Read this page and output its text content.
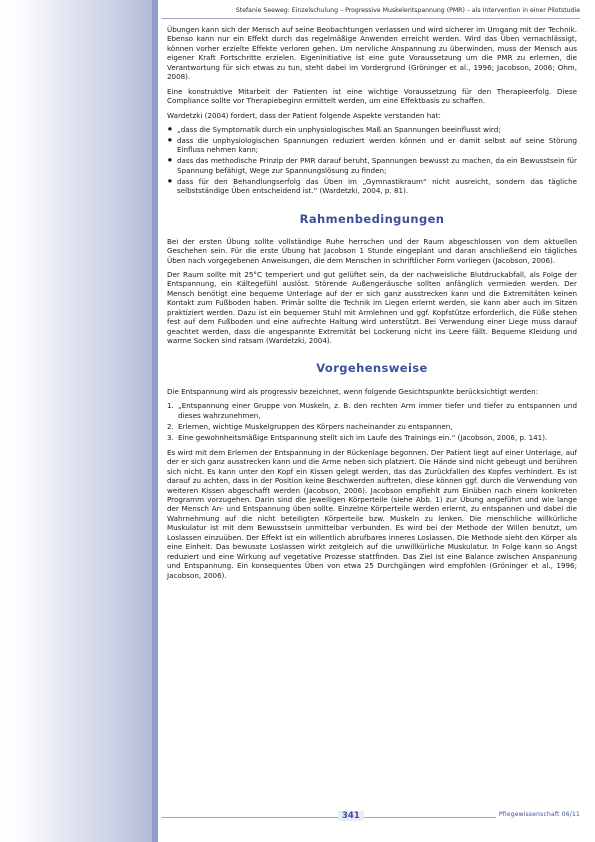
Stefanie Seeweg: Einzelschulung – Progressive Muskelentspannung (PMR) – als Intervention in einer Pilotstudie

Übungen kann sich der Mensch auf seine Beobachtungen verlassen und wird sicherer im Umgang mit der Technik. Ebenso kann nur ein Effekt durch das regelmäßige Anwenden erreicht werden. Wird das Üben vernachlässigt, können vorher erzielte Effekte verloren gehen. Um nervliche Anspannung zu überwinden, muss der Mensch aus eigener Kraft Fortschritte erzielen. Eigeninitiative ist eine gute Voraussetzung um die PMR zu erlernen, die Verantwortung für sich etwas zu tun, steht dabei im Vordergrund (Gröninger et al., 1996; Jacobson, 2006; Ohm, 2008).

Eine konstruktive Mitarbeit der Patienten ist eine wichtige Voraussetzung für den Therapieerfolg. Diese Compliance sollte vor Therapiebeginn ermittelt werden, um eine Effektbasis zu schaffen.

Wardetzki (2004) fordert, dass der Patient folgende Aspekte verstanden hat:

● „dass die Symptomatik durch ein unphysiologisches Maß an Spannungen beeinflusst wird;
● dass die unphysiologischen Spannungen reduziert werden können und er damit selbst auf seine Störung Einfluss nehmen kann;
● dass das methodische Prinzip der PMR darauf beruht, Spannungen bewusst zu machen, da ein Bewusstsein für Spannung befähigt, Wege zur Spannungslösung zu finden;
● dass für den Behandlungserfolg das Üben im „Gymnastikraum“ nicht ausreicht, sondern das tägliche selbstständige Üben entscheidend ist.“ (Wardetzki, 2004, p. 81).
Rahmenbedingungen

Bei der ersten Übung sollte vollständige Ruhe herrschen und der Raum abgeschlossen von dem aktuellen Geschehen sein. Für die erste Übung hat Jacobson 1 Stunde eingeplant und daran anschließend ein tägliches Üben nach vorgegebenen Anweisungen, die dem Menschen in schriftlicher Form vorliegen (Jacobson, 2006).

Der Raum sollte mit 25°C temperiert und gut gelüftet sein, da der nachweisliche Blutdruckabfall, als Folge der Entspannung, ein Kältegefühl auslöst. Störende Außengeräusche sollten anfänglich vermieden werden. Der Mensch benötigt eine bequeme Unterlage auf der er sich ganz ausstrecken kann und die Extremitäten keinen Kontakt zum Fußboden haben. Primär sollte die Technik im Liegen erlernt werden, sie kann aber auch im Sitzen praktiziert werden. Dazu ist ein bequemer Stuhl mit Armlehnen und ggf. Kopfstütze erforderlich, die Füße stehen fest auf dem Fußboden und eine aufrechte Haltung wird unterstützt. Bei Verwendung einer Liege muss darauf geachtet werden, dass die angespannte Extremität bei Lockerung nicht ins Leere fällt. Bequeme Kleidung und warme Socken sind ratsam (Wardetzki, 2004).

Vorgehensweise

Die Entspannung wird als progressiv bezeichnet, wenn folgende Gesichtspunkte berücksichtigt werden:

1. „Entspannung einer Gruppe von Muskeln, z. B. den rechten Arm immer tiefer und tiefer zu entspannen und dieses wahrzunehmen,
2. Erlernen, wichtige Muskelgruppen des Körpers nacheinander zu entspannen,
3. Eine gewohnheitsmäßige Entspannung stellt sich im Laufe des Trainings ein.“ (Jacobson, 2006, p. 141).

Es wird mit dem Erlernen der Entspannung in der Rückenlage begonnen. Der Patient liegt auf einer Unterlage, auf der er sich ganz ausstrecken kann und die Arme neben sich platziert. Die Hände sind nicht gebeugt und berühren sich nicht. Es kann unter den Kopf ein Kissen gelegt werden, das das Zurückfallen des Kopfes verhindert. Es ist darauf zu achten, dass in der Position keine Beschwerden auftreten, diese können ggf. durch die Verwendung von weiteren Kissen abgeschafft werden (Jacobson, 2006). Jacobson empfiehlt zum Einüben nach einem konkreten Programm vorzugehen. Darin sind die jeweiligen Körperteile (siehe Abb. 1) zur Übung angeführt und wie lange der Mensch An- und Entspannung üben sollte. Einzelne Körperteile werden erlernt, zu entspannen und dabei die Wahrnehmung auf die nicht beteiligten Körperteile bzw. Muskeln zu lenken. Die menschliche willkürliche Muskulatur ist mit dem Bewusstsein unmittelbar verbunden. Es wird bei der Methode der Willen benutzt, um Loslassen einzuüben. Der Effekt ist ein willentlich abrufbares inneres Loslassen. Die Methode sieht den Körper als eine Einheit. Das bewusste Loslassen wirkt zeitgleich auf die unwillkürliche Muskulatur. In Folge kann so Angst reduziert und eine Wirkung auf vegetative Prozesse stattfinden. Das Ziel ist eine Balance zwischen Anspannung und Entspannung. Ein konsequentes Üben von etwa 25 Durchgängen wird empfohlen (Gröninger et al., 1996; Jacobson, 2006).

341	Pflegewissenschaft 06/11
